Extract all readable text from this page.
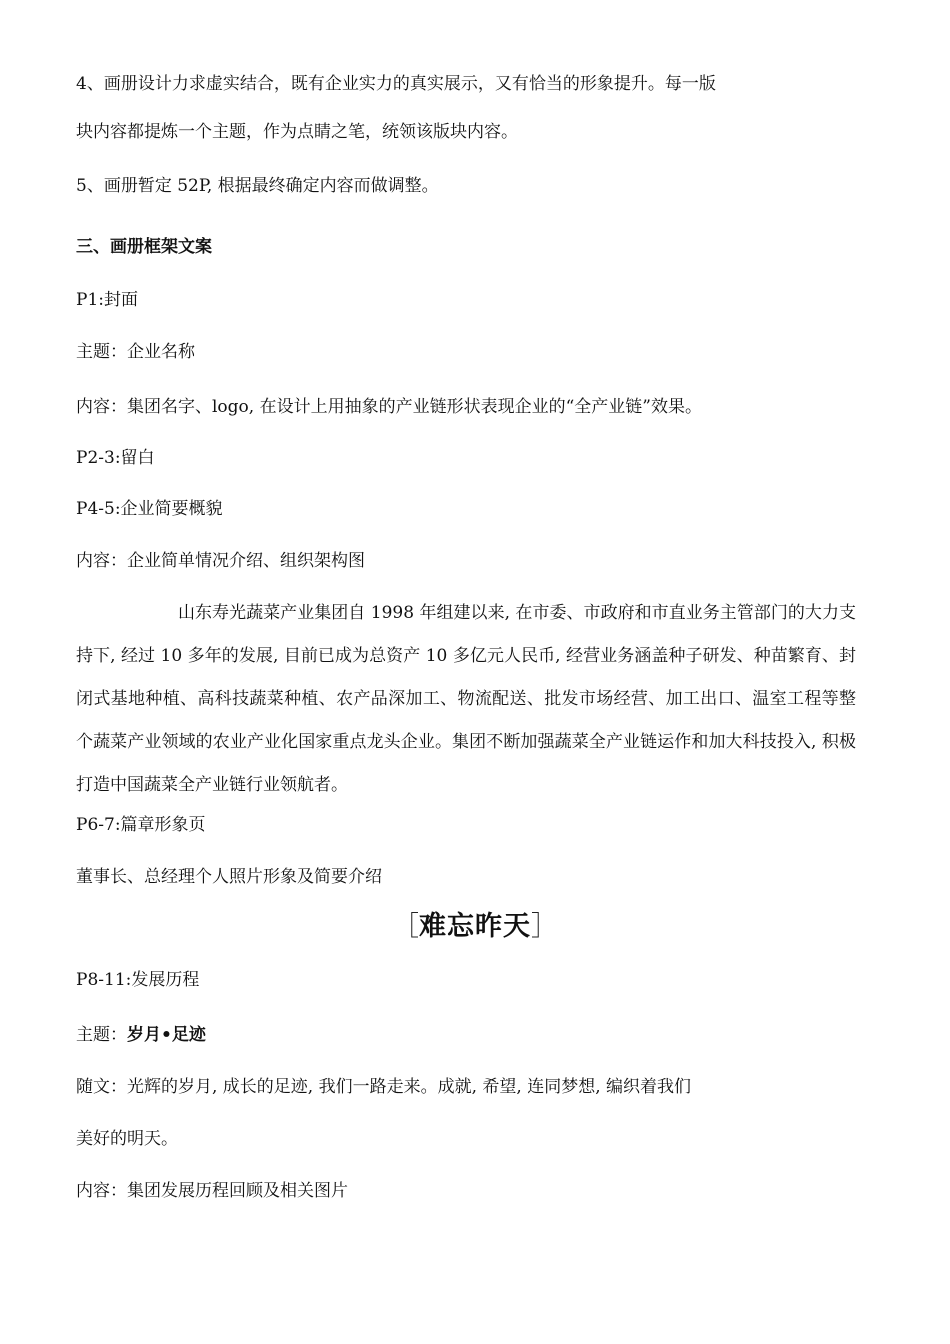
4、画册设计力求虚实结合，既有企业实力的真实展示，又有恰当的形象提升。每一版
块内容都提炼一个主题，作为点睛之笔，统领该版块内容。
5、画册暂定 52P, 根据最终确定内容而做调整。
三、画册框架文案
P1:封面
主题：企业名称
内容：集团名字、logo, 在设计上用抽象的产业链形状表现企业的“全产业链”效果。
P2-3:留白
P4-5:企业简要概貌
内容：企业简单情况介绍、组织架构图
山东寿光蔬菜产业集团自 1998 年组建以来, 在市委、市政府和市直业务主管部门的大力支持下, 经过 10 多年的发展, 目前已成为总资产 10 多亿元人民币, 经营业务涵盖种子研发、种苗繁育、封闭式基地种植、高科技蔬菜种植、农产品深加工、物流配送、批发市场经营、加工出口、温室工程等整个蔬菜产业领域的农业产业化国家重点龙头企业。集团不断加强蔬菜全产业链运作和加大科技投入, 积极打造中国蔬菜全产业链行业领航者。
P6-7:篇章形象页
董事长、总经理个人照片形象及简要介绍
［难忘昨天］
P8-11:发展历程
主题：岁月•足迹
随文：光辉的岁月, 成长的足迹, 我们一路走来。成就, 希望, 连同梦想, 编织着我们
美好的明天。
内容：集团发展历程回顾及相关图片
